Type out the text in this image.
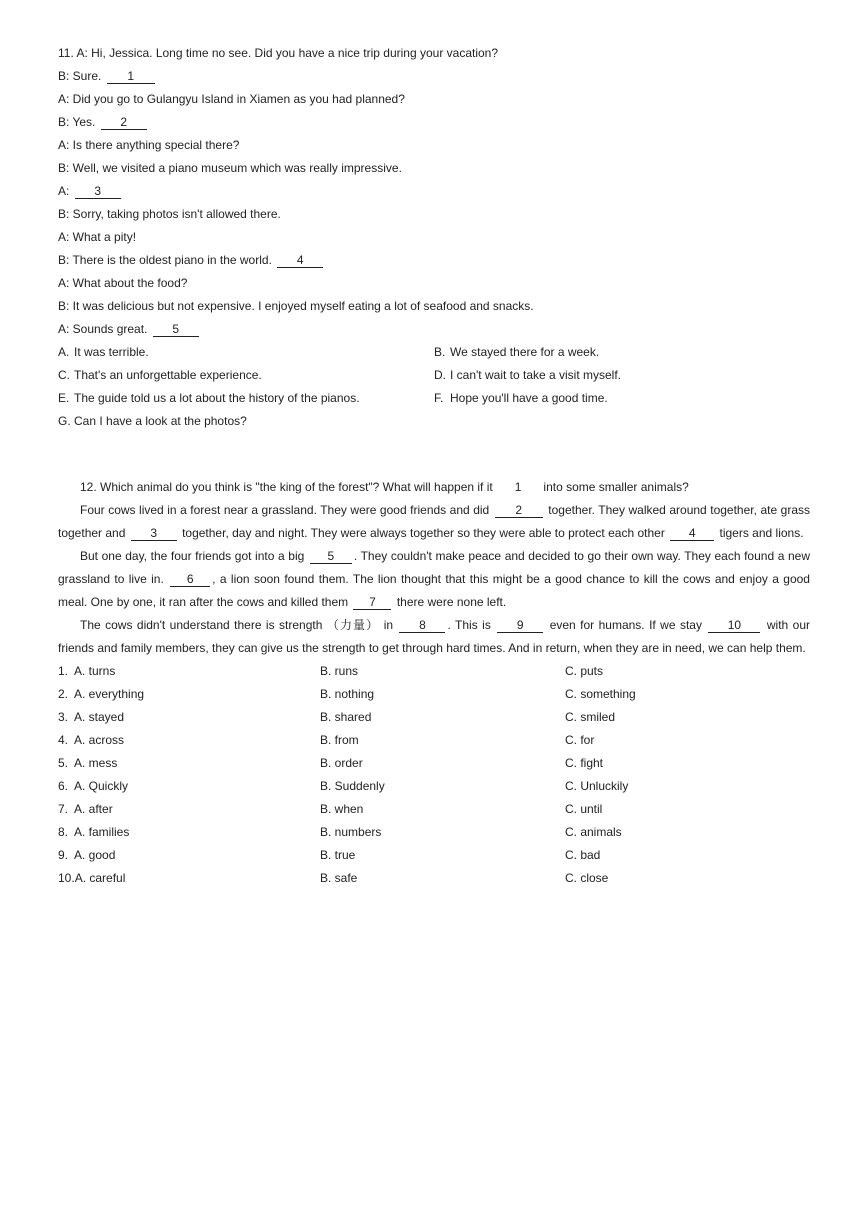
11. A: Hi, Jessica. Long time no see. Did you have a nice trip during your vacation?
B: Sure. 1
A: Did you go to Gulangyu Island in Xiamen as you had planned?
B: Yes. 2
A: Is there anything special there?
B: Well, we visited a piano museum which was really impressive.
A: 3
B: Sorry, taking photos isn't allowed there.
A: What a pity!
B: There is the oldest piano in the world. 4
A: What about the food?
B: It was delicious but not expensive. I enjoyed myself eating a lot of seafood and snacks.
A: Sounds great. 5
A. It was terrible.	B. We stayed there for a week.
C. That's an unforgettable experience.	D. I can't wait to take a visit myself.
E. The guide told us a lot about the history of the pianos.	F. Hope you'll have a good time.
G. Can I have a look at the photos?

12. Which animal do you think is "the king of the forest"? What will happen if it 1 into some smaller animals?

Four cows lived in a forest near a grassland. They were good friends and did 2 together. They walked around together, ate grass together and 3 together, day and night. They were always together so they were able to protect each other 4 tigers and lions.

But one day, the four friends got into a big 5 . They couldn't make peace and decided to go their own way. They each found a new grassland to live in. 6 , a lion soon found them. The lion thought that this might be a good chance to kill the cows and enjoy a good meal. One by one, it ran after the cows and killed them 7 there were none left.

The cows didn't understand there is strength （力量） in 8 . This is 9 even for humans. If we stay 10 with our friends and family members, they can give us the strength to get through hard times. And in return, when they are in need, we can help them.

1. A. turns	B. runs	C. puts
2. A. everything	B. nothing	C. something
3. A. stayed	B. shared	C. smiled
4. A. across	B. from	C. for
5. A. mess	B. order	C. fight
6. A. Quickly	B. Suddenly	C. Unluckily
7. A. after	B. when	C. until
8. A. families	B. numbers	C. animals
9. A. good	B. true	C. bad
10.A. careful	B. safe	C. close
